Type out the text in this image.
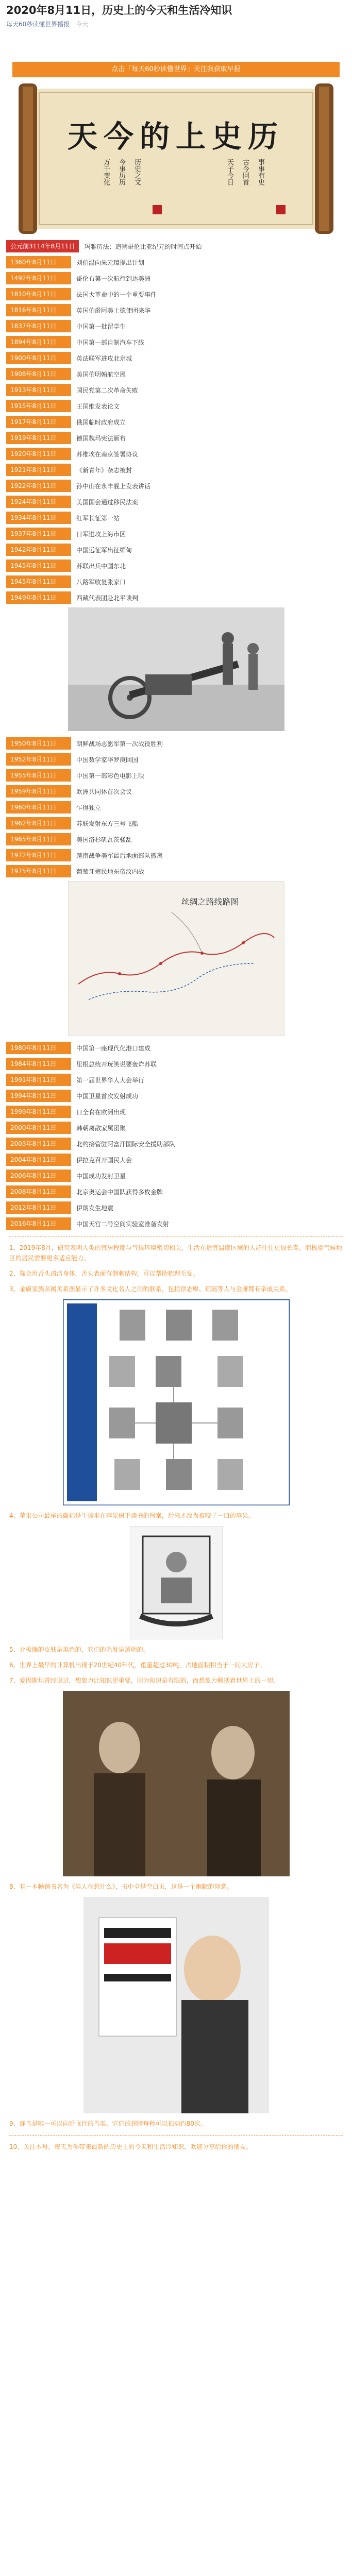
2020年8月11日，历史上的今天和生活冷知识
每天60秒读懂世界播报 今天
点击「每天60秒读懂世界」关注我获取早报
天今的上史历
万千变化 今事历历 历史之文	天子今日 古今回首 事事有史
公元前3114年8月11日	玛雅历法：追朔哥伦比亚纪元的时间点开始
1360年8月11日	刘伯温向朱元璋提出计划
1492年8月11日	哥伦布第一次航行到达美洲
1810年8月11日	法国大革命中的一个重要事件
1816年8月11日	英国伯爵阿美士德使团来华
1837年8月11日	中国第一批留学生
1894年8月11日	中国第一部自制汽车下线
1900年8月11日	英法联军进攻北京城
1908年8月11日	美国伯明翰航空展
1913年8月11日	国民党第二次革命失败
1915年8月11日	王国维发表论文
1917年8月11日	俄国临时政府成立
1919年8月11日	德国魏玛宪法颁布
1920年8月11日	苏维埃在南京签署协议
1921年8月11日	《新青年》杂志被封
1922年8月11日	孙中山在永丰舰上发表讲话
1924年8月11日	美国国会通过移民法案
1934年8月11日	红军长征第一站
1937年8月11日	日军进攻上海市区
1942年8月11日	中国远征军出征缅甸
1945年8月11日	苏联出兵中国东北
1945年8月11日	八路军收复张家口
1949年8月11日	西藏代表团赴北平谈判
1950年8月11日	朝鲜战场志愿军第一次战役胜利
1952年8月11日	中国数学家华罗庚回国
1955年8月11日	中国第一部彩色电影上映
1959年8月11日	欧洲共同体首次会议
1960年8月11日	乍得独立
1962年8月11日	苏联发射东方三号飞船
1965年8月11日	美国洛杉矶瓦茨骚乱
1972年8月11日	越南战争美军最后地面部队撤离
1975年8月11日	葡萄牙殖民地东帝汶内战
丝绸之路线路图
1980年8月11日	中国第一座现代化港口建成
1984年8月11日	里根总统开玩笑说要轰炸苏联
1991年8月11日	第一届世界华人大会举行
1994年8月11日	中国卫星首次发射成功
1999年8月11日	日全食在欧洲出现
2000年8月11日	韩朝离散家属团聚
2003年8月11日	北约接管驻阿富汗国际安全援助部队
2004年8月11日	伊拉克召开国民大会
2006年8月11日	中国成功发射卫星
2008年8月11日	北京奥运会中国队获得多枚金牌
2012年8月11日	伊朗发生地震
2016年8月11日	中国天宫二号空间实验室准备发射

1、2019年8月，研究表明人类的宜居程度与气候环境密切相关，生活在适宜温度区域的人群往往更加长寿，而极端气候地区的居民需要更多适应能力。

2、猫会用舌头清洁身体，舌头表面有倒刺结构，可以帮助梳理毛发。

3、金庸家族亲属关系图显示了许多文化名人之间的联系，包括徐志摩、琼瑶等人与金庸都有亲戚关系。

4、苹果公司最早的徽标是牛顿坐在苹果树下读书的图案，后来才改为被咬了一口的苹果。

5、北极熊的皮肤是黑色的，它们的毛发是透明的。

6、世界上最早的计算机出现于20世纪40年代，重量超过30吨，占地面积相当于一间大房子。

7、爱因斯坦曾经说过，想象力比知识更重要，因为知识是有限的，而想象力概括着世界上的一切。

8、有一本畅销书名为《男人在想什么》，书中全是空白页，这是一个幽默的创意。

9、蜂鸟是唯一可以向后飞行的鸟类，它们的翅膀每秒可以拍动约80次。

10、关注本号，每天为你带来最新的历史上的今天和生活冷知识，欢迎分享给你的朋友。
